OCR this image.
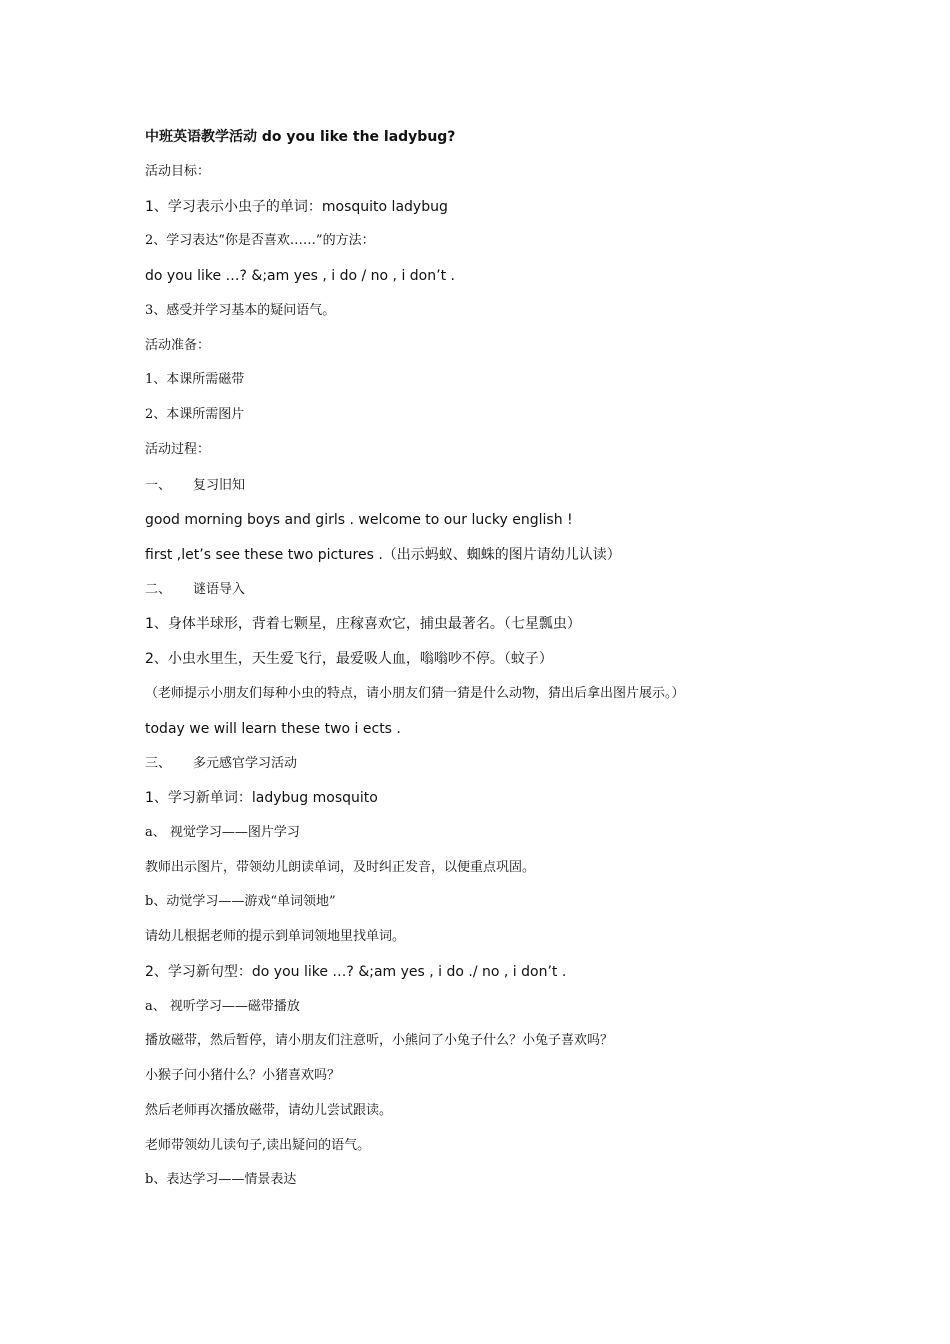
中班英语教学活动 do you like the ladybug?
活动目标：
1、学习表示小虫子的单词：mosquito ladybug
2、学习表达“你是否喜欢……”的方法：
do you like …? &;am yes , i do / no , i don’t .
3、感受并学习基本的疑问语气。
活动准备：
1、本课所需磁带
2、本课所需图片
活动过程：
一、 复习旧知
good morning boys and girls . welcome to our lucky english !
first ,let’s see these two pictures .（出示蚂蚁、蜘蛛的图片请幼儿认读）
二、 谜语导入
1、身体半球形，背着七颗星，庄稼喜欢它，捕虫最著名。（七星瓢虫）
2、小虫水里生，天生爱飞行，最爱吸人血，嗡嗡吵不停。（蚊子）
（老师提示小朋友们每种小虫的特点，请小朋友们猜一猜是什么动物，猜出后拿出图片展示。）
today we will learn these two i ects .
三、 多元感官学习活动
1、学习新单词：ladybug mosquito
a、 视觉学习——图片学习
教师出示图片，带领幼儿朗读单词，及时纠正发音，以便重点巩固。
b、动觉学习——游戏“单词领地”
请幼儿根据老师的提示到单词领地里找单词。
2、学习新句型：do you like …? &;am yes , i do ./ no , i don’t .
a、 视听学习——磁带播放
播放磁带，然后暂停，请小朋友们注意听，小熊问了小兔子什么？小兔子喜欢吗？
小猴子问小猪什么？小猪喜欢吗？
然后老师再次播放磁带，请幼儿尝试跟读。
老师带领幼儿读句子,读出疑问的语气。
b、表达学习——情景表达
